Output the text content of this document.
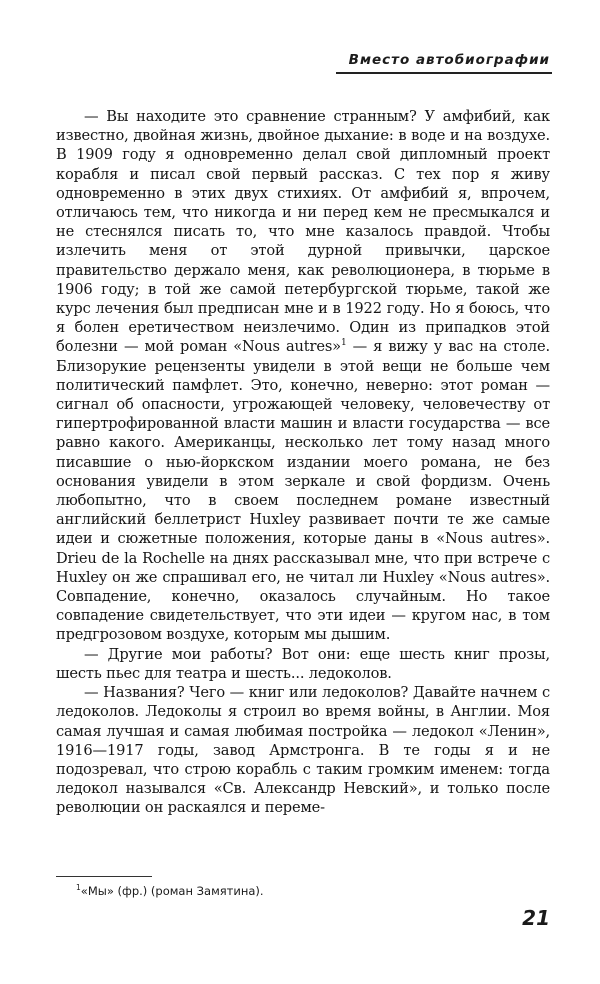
Вместо автобиографии

— Вы находите это сравнение странным? У амфибий, как известно, двойная жизнь, двойное дыхание: в воде и на воздухе. В 1909 году я одновременно делал свой дипломный проект корабля и писал свой первый рассказ. С тех пор я живу одновременно в этих двух стихиях. От амфибий я, впрочем, отличаюсь тем, что никогда и ни перед кем не пресмыкался и не стеснялся писать то, что мне казалось правдой. Чтобы излечить меня от этой дурной привычки, царское правительство держало меня, как революционера, в тюрьме в 1906 году; в той же самой петербургской тюрьме, такой же курс лечения был предписан мне и в 1922 году. Но я боюсь, что я болен еретичеством неизлечимо. Один из припадков этой болезни — мой роман «Nous autres»$^1$ — я вижу у вас на столе. Близорукие рецензенты увидели в этой вещи не больше чем политический памфлет. Это, конечно, неверно: этот роман — сигнал об опасности, угрожающей человеку, человечеству от гипертрофированной власти машин и власти государства — все равно какого. Американцы, несколько лет тому назад много писавшие о нью-йоркском издании моего романа, не без основания увидели в этом зеркале и свой фордизм. Очень любопытно, что в своем последнем романе известный английский беллетрист Huxley развивает почти те же самые идеи и сюжетные положения, которые даны в «Nous autres». Drieu de la Rochelle на днях рассказывал мне, что при встрече с Huxley он же спрашивал его, не читал ли Huxley «Nous autres». Совпадение, конечно, оказалось случайным. Но такое совпадение свидетельствует, что эти идеи — кругом нас, в том предгрозовом воздухе, которым мы дышим.

— Другие мои работы? Вот они: еще шесть книг прозы, шесть пьес для театра и шесть... ледоколов.

— Названия? Чего — книг или ледоколов? Давайте начнем с ледоколов. Ледоколы я строил во время войны, в Англии. Моя самая лучшая и самая любимая постройка — ледокол «Ленин», 1916—1917 годы, завод Армстронга. В те годы я и не подозревал, что строю корабль с таким громким именем: тогда ледокол назывался «Св. Александр Невский», и только после революции он раскаялся и переме-

$^1$«Мы» (фр.) (роман Замятина).
21
